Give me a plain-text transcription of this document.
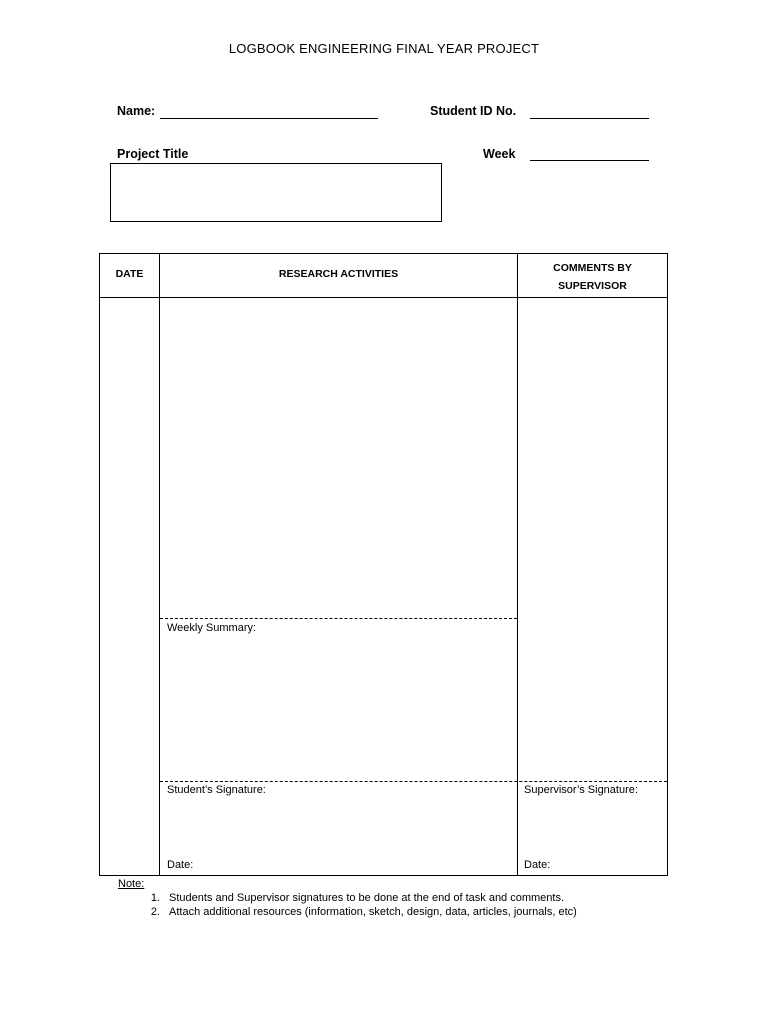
LOGBOOK ENGINEERING FINAL YEAR PROJECT
Name:	Student ID No.
Project Title	Week
DATE	RESEARCH ACTIVITIES	COMMENTS BY
SUPERVISOR
Weekly Summary:
Student’s Signature:	Supervisor’s Signature:
Date:	Date:
Note:
1. Students and Supervisor signatures to be done at the end of task and comments.
2. Attach additional resources (information, sketch, design, data, articles, journals, etc)
